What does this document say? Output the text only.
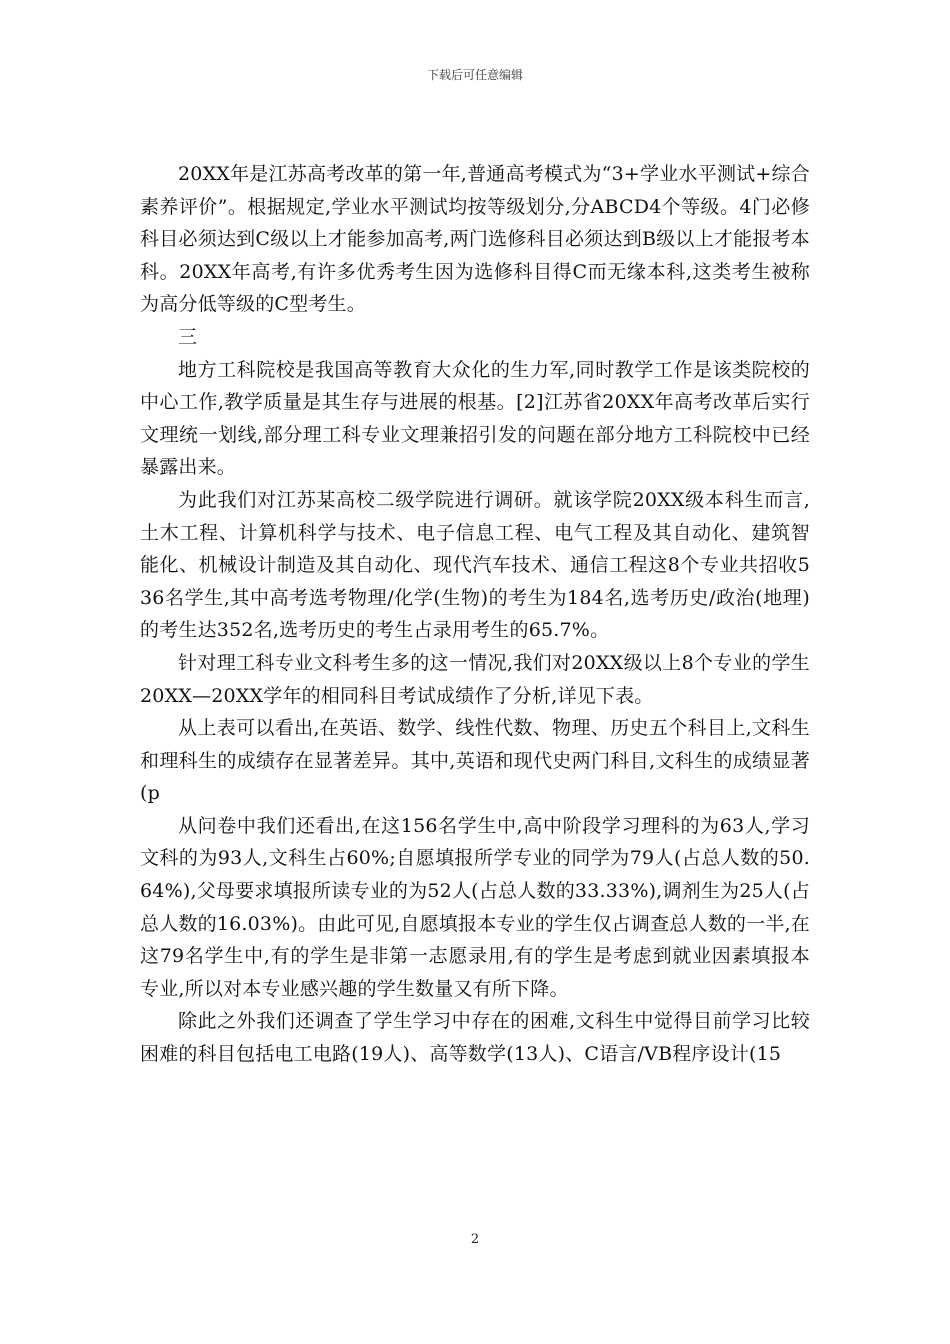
下载后可任意编辑

20XX年是江苏高考改革的第一年,普通高考模式为“3+学业水平测试+综合素养评价”。根据规定,学业水平测试均按等级划分,分ABCD4个等级。4门必修科目必须达到C级以上才能参加高考,两门选修科目必须达到B级以上才能报考本科。20XX年高考,有许多优秀考生因为选修科目得C而无缘本科,这类考生被称为高分低等级的C型考生。

三

地方工科院校是我国高等教育大众化的生力军,同时教学工作是该类院校的中心工作,教学质量是其生存与进展的根基。[2]江苏省20XX年高考改革后实行文理统一划线,部分理工科专业文理兼招引发的问题在部分地方工科院校中已经暴露出来。

为此我们对江苏某高校二级学院进行调研。就该学院20XX级本科生而言,土木工程、计算机科学与技术、电子信息工程、电气工程及其自动化、建筑智能化、机械设计制造及其自动化、现代汽车技术、通信工程这8个专业共招收536名学生,其中高考选考物理/化学(生物)的考生为184名,选考历史/政治(地理)的考生达352名,选考历史的考生占录用考生的65.7%。

针对理工科专业文科考生多的这一情况,我们对20XX级以上8个专业的学生20XX—20XX学年的相同科目考试成绩作了分析,详见下表。

从上表可以看出,在英语、数学、线性代数、物理、历史五个科目上,文科生和理科生的成绩存在显著差异。其中,英语和现代史两门科目,文科生的成绩显著(p

从问卷中我们还看出,在这156名学生中,高中阶段学习理科的为63人,学习文科的为93人,文科生占60%;自愿填报所学专业的同学为79人(占总人数的50.64%),父母要求填报所读专业的为52人(占总人数的33.33%),调剂生为25人(占总人数的16.03%)。由此可见,自愿填报本专业的学生仅占调查总人数的一半,在这79名学生中,有的学生是非第一志愿录用,有的学生是考虑到就业因素填报本专业,所以对本专业感兴趣的学生数量又有所下降。

除此之外我们还调查了学生学习中存在的困难,文科生中觉得目前学习比较困难的科目包括电工电路(19人)、高等数学(13人)、C语言/VB程序设计(15

2
